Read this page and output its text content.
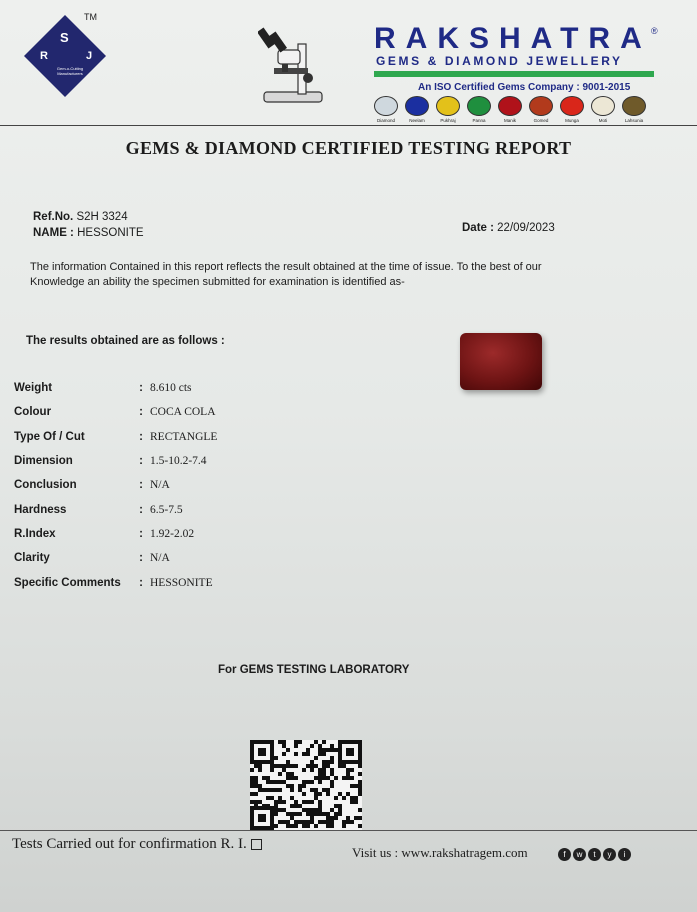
S
R	J
Gem-o-Cutting Manufacturers
TM
RAKSHATRA ®
GEMS & DIAMOND JEWELLERY
An ISO Certified Gems Company : 9001-2015
Diamond	Neelam	Pukhraj	Panna	Manik	Gomed	Munga	Moti	Lahsunia
GEMS & DIAMOND CERTIFIED TESTING REPORT
Ref.No. S2H 3324
NAME : HESSONITE	Date : 22/09/2023
The information Contained in this report reflects the result obtained at the time of issue. To the best of our Knowledge an ability the specimen submitted for examination is identified as-
The results obtained are as follows :
Weight	: 8.610 cts
Colour	: COCA COLA
Type Of / Cut	: RECTANGLE
Dimension	: 1.5-10.2-7.4
Conclusion	: N/A
Hardness	: 6.5-7.5
R.Index	: 1.92-2.02
Clarity	: N/A
Specific Comments	: HESSONITE
For GEMS TESTING LABORATORY
Tests Carried out for confirmation R. I.
Visit us : www.rakshatragem.com	f	w	t	y	i
